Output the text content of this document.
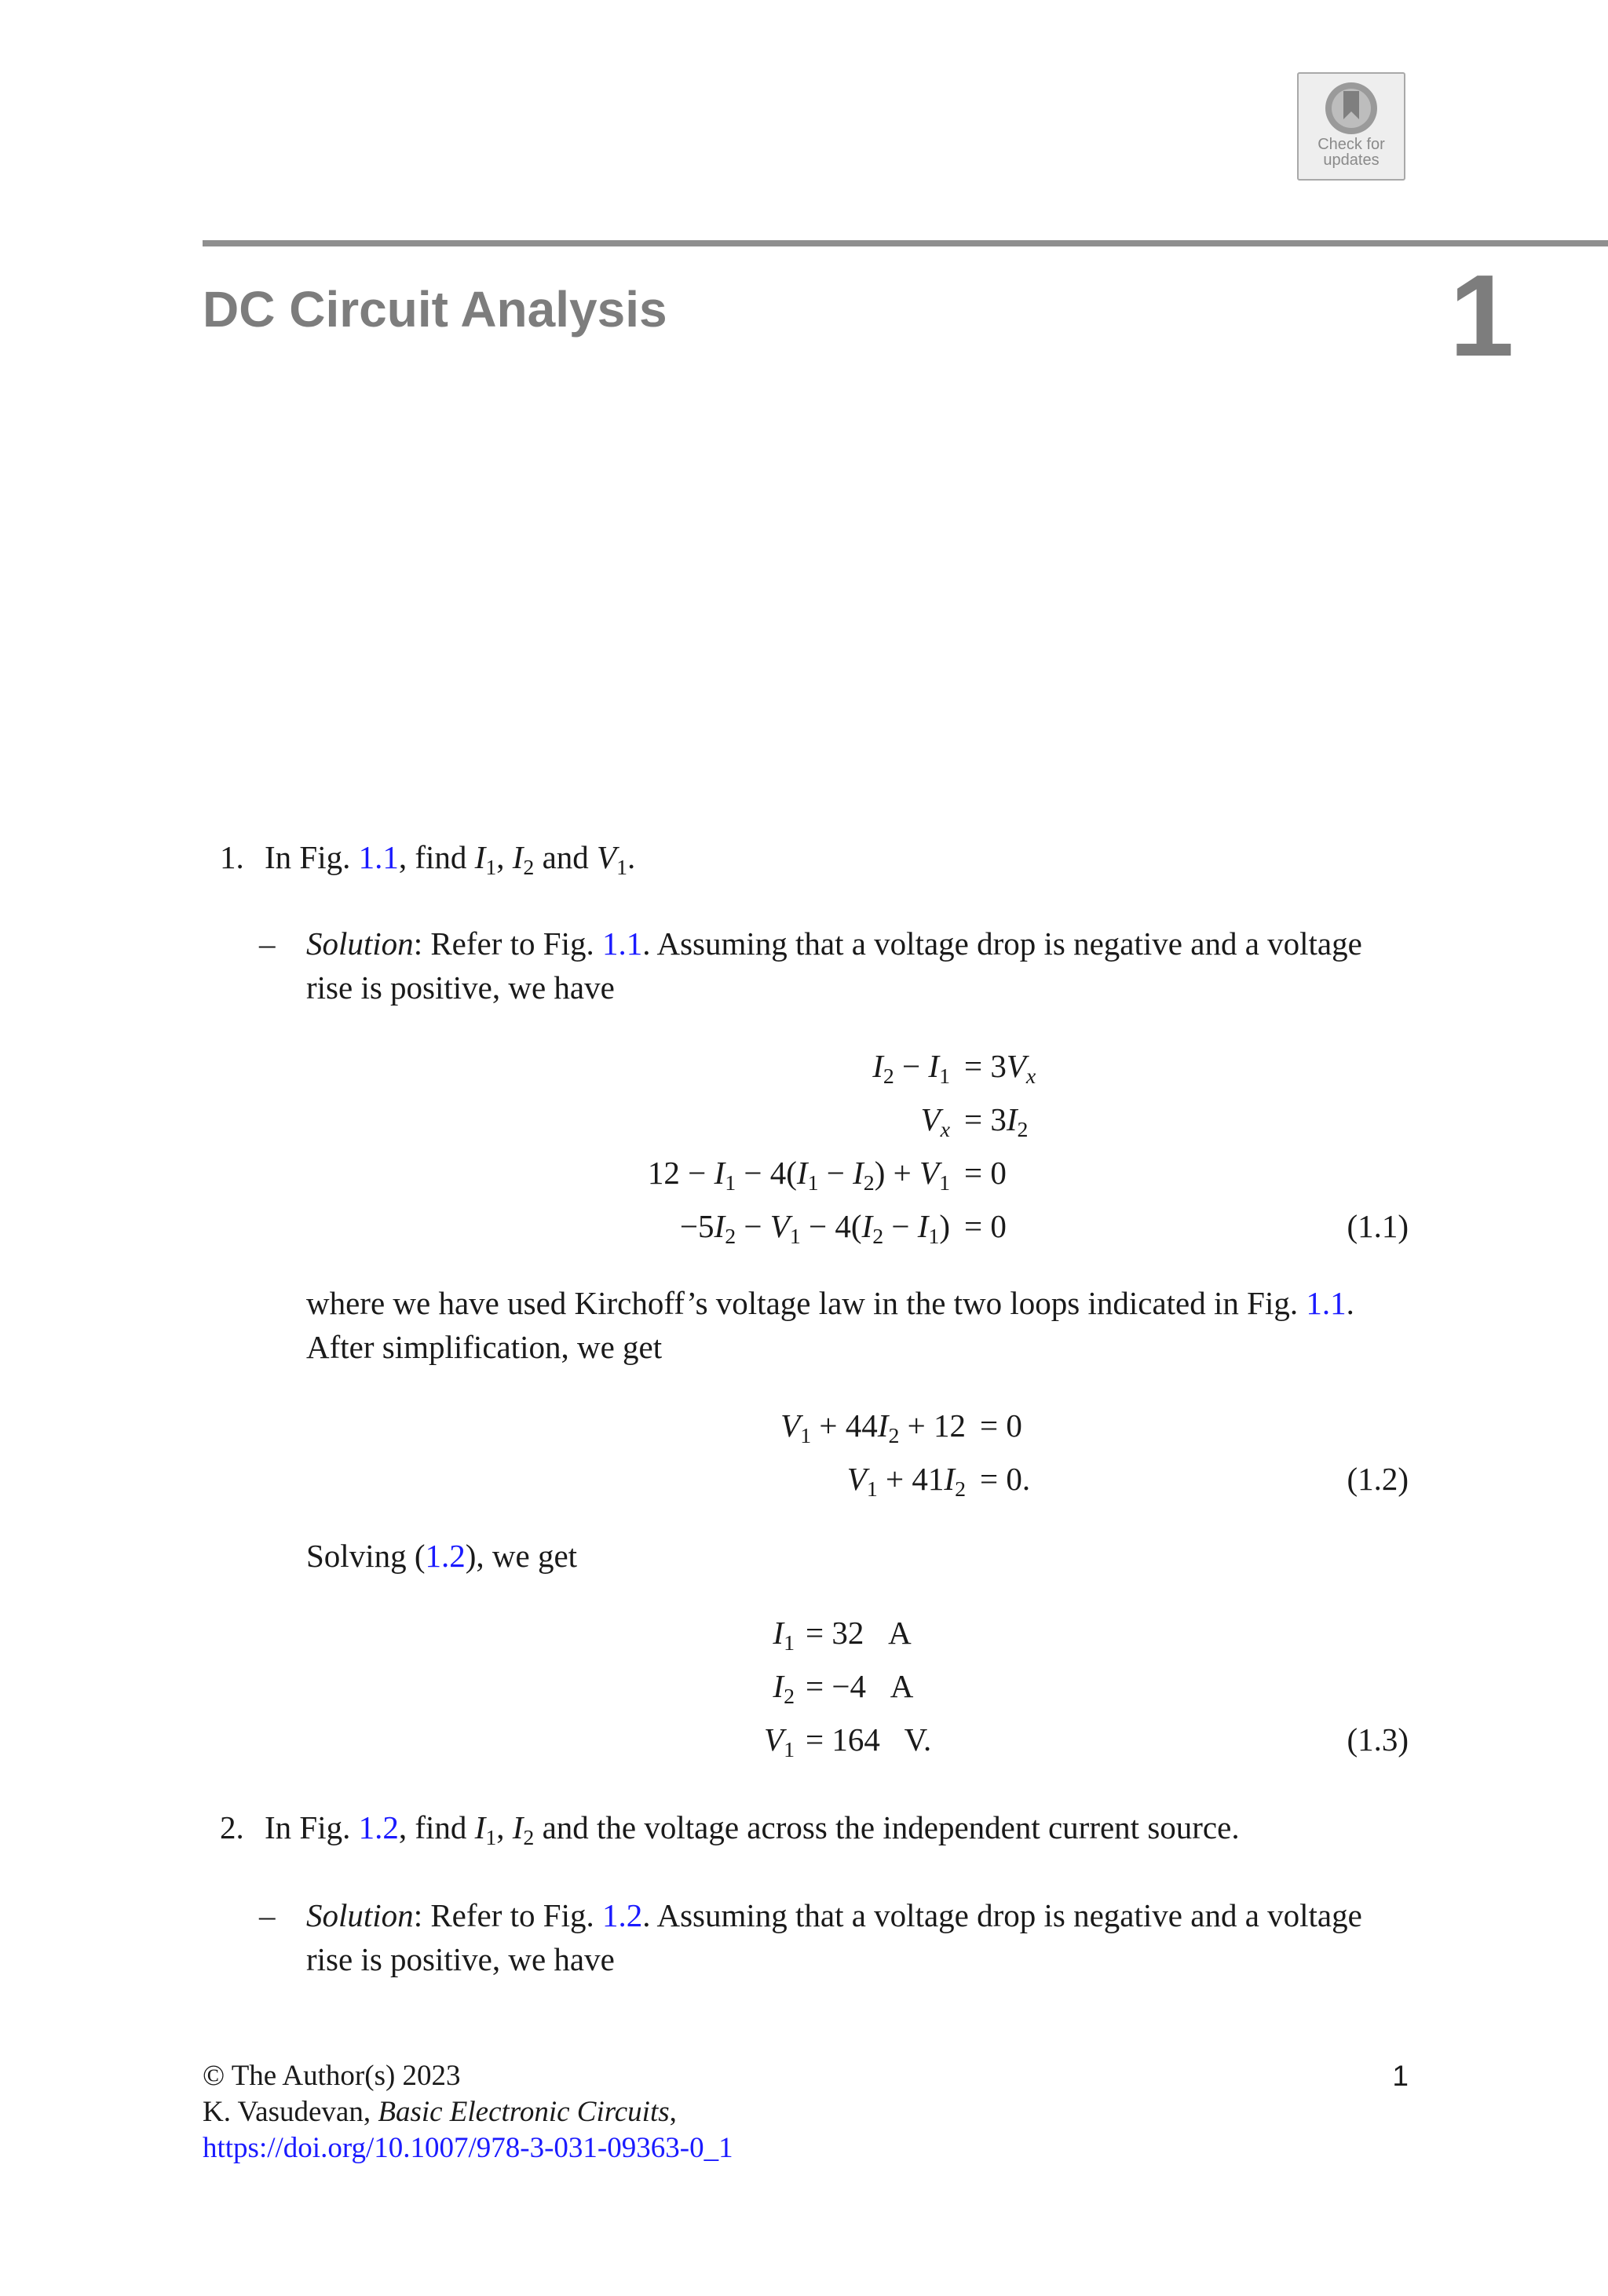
Check for
updates
DC Circuit Analysis	1
1. In Fig. 1.1, find $I_1$, $I_2$ and $V_1$.
– Solution: Refer to Fig. 1.1. Assuming that a voltage drop is negative and a voltage
rise is positive, we have
$I_2 - I_1 = 3V_x$
$V_x = 3I_2$
$12 - I_1 - 4(I_1 - I_2) + V_1 = 0$
$-5I_2 - V_1 - 4(I_2 - I_1) = 0$	(1.1)
where we have used Kirchoff’s voltage law in the two loops indicated in Fig. 1.1.
After simplification, we get
$V_1 + 44I_2 + 12 = 0$
$V_1 + 41I_2 = 0$.	(1.2)
Solving (1.2), we get
$I_1 = 32$   A
$I_2 = -4$   A
$V_1 = 164$   V.	(1.3)
2. In Fig. 1.2, find $I_1$, $I_2$ and the voltage across the independent current source.
– Solution: Refer to Fig. 1.2. Assuming that a voltage drop is negative and a voltage
rise is positive, we have
© The Author(s) 2023
K. Vasudevan, Basic Electronic Circuits,
https://doi.org/10.1007/978-3-031-09363-0_1
1
